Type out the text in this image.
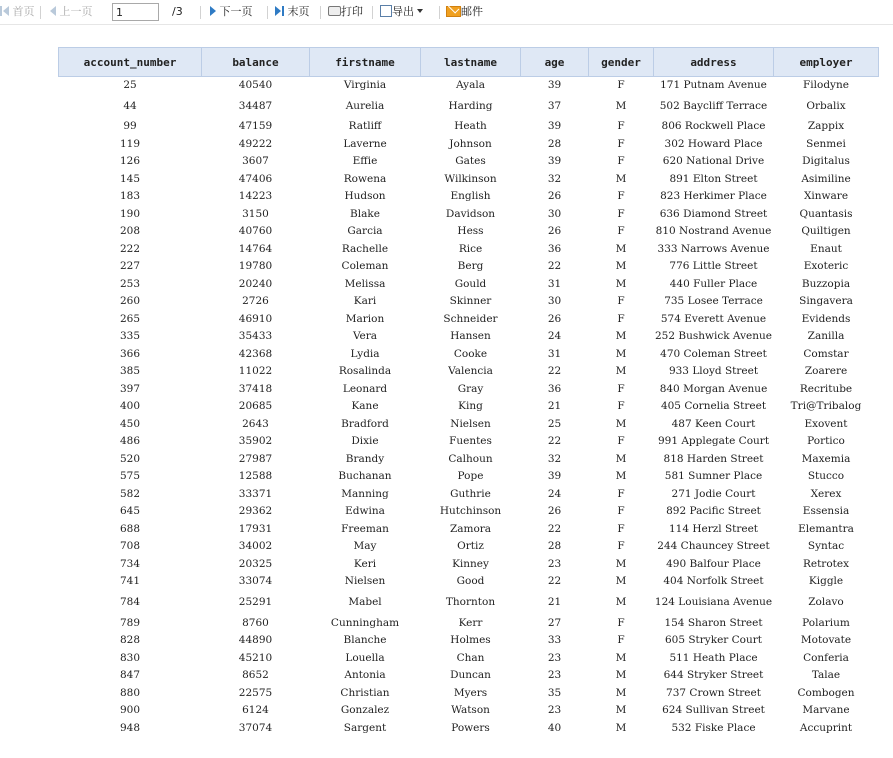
首页	上一页
1	/3	下一页	末页	打印	导出	邮件
account_number	balance	firstname	lastname	age	gender	address	employer
25	40540	Virginia	Ayala	39	F	171 Putnam Avenue	Filodyne
44	34487	Aurelia	Harding	37	M	502 Baycliff Terrace	Orbalix
99	47159	Ratliff	Heath	39	F	806 Rockwell Place	Zappix
119	49222	Laverne	Johnson	28	F	302 Howard Place	Senmei
126	3607	Effie	Gates	39	F	620 National Drive	Digitalus
145	47406	Rowena	Wilkinson	32	M	891 Elton Street	Asimiline
183	14223	Hudson	English	26	F	823 Herkimer Place	Xinware
190	3150	Blake	Davidson	30	F	636 Diamond Street	Quantasis
208	40760	Garcia	Hess	26	F	810 Nostrand Avenue	Quiltigen
222	14764	Rachelle	Rice	36	M	333 Narrows Avenue	Enaut
227	19780	Coleman	Berg	22	M	776 Little Street	Exoteric
253	20240	Melissa	Gould	31	M	440 Fuller Place	Buzzopia
260	2726	Kari	Skinner	30	F	735 Losee Terrace	Singavera
265	46910	Marion	Schneider	26	F	574 Everett Avenue	Evidends
335	35433	Vera	Hansen	24	M	252 Bushwick Avenue	Zanilla
366	42368	Lydia	Cooke	31	M	470 Coleman Street	Comstar
385	11022	Rosalinda	Valencia	22	M	933 Lloyd Street	Zoarere
397	37418	Leonard	Gray	36	F	840 Morgan Avenue	Recritube
400	20685	Kane	King	21	F	405 Cornelia Street	Tri@Tribalog
450	2643	Bradford	Nielsen	25	M	487 Keen Court	Exovent
486	35902	Dixie	Fuentes	22	F	991 Applegate Court	Portico
520	27987	Brandy	Calhoun	32	M	818 Harden Street	Maxemia
575	12588	Buchanan	Pope	39	M	581 Sumner Place	Stucco
582	33371	Manning	Guthrie	24	F	271 Jodie Court	Xerex
645	29362	Edwina	Hutchinson	26	F	892 Pacific Street	Essensia
688	17931	Freeman	Zamora	22	F	114 Herzl Street	Elemantra
708	34002	May	Ortiz	28	F	244 Chauncey Street	Syntac
734	20325	Keri	Kinney	23	M	490 Balfour Place	Retrotex
741	33074	Nielsen	Good	22	M	404 Norfolk Street	Kiggle
784	25291	Mabel	Thornton	21	M	124 Louisiana Avenue	Zolavo
789	8760	Cunningham	Kerr	27	F	154 Sharon Street	Polarium
828	44890	Blanche	Holmes	33	F	605 Stryker Court	Motovate
830	45210	Louella	Chan	23	M	511 Heath Place	Conferia
847	8652	Antonia	Duncan	23	M	644 Stryker Street	Talae
880	22575	Christian	Myers	35	M	737 Crown Street	Combogen
900	6124	Gonzalez	Watson	23	M	624 Sullivan Street	Marvane
948	37074	Sargent	Powers	40	M	532 Fiske Place	Accuprint
